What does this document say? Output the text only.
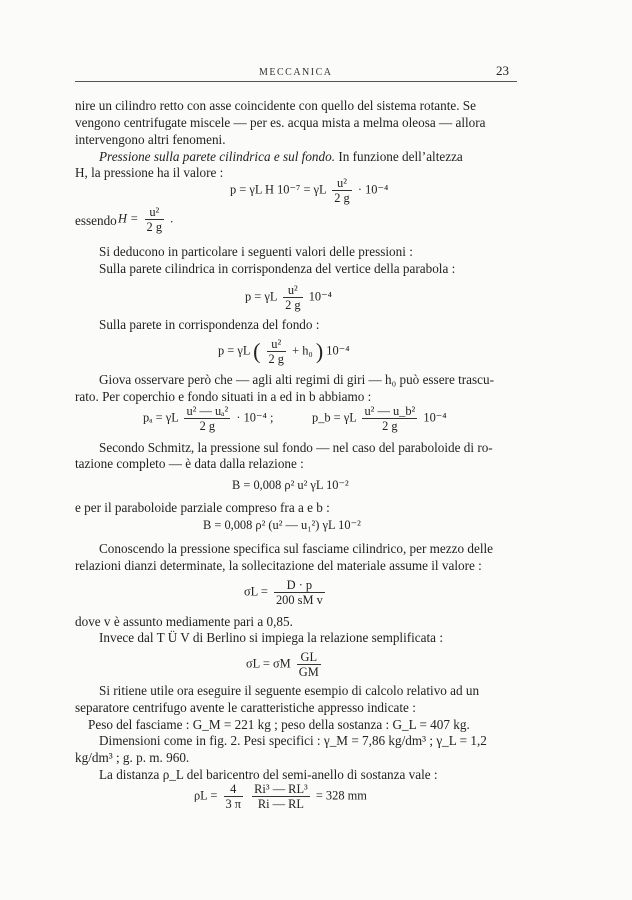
MECCANICA	23
nire un cilindro retto con asse coincidente con quello del sistema rotante. Se
vengono centrifugate miscele — per es. acqua mista a melma oleosa — allora
intervengono altri fenomeni.
Pressione sulla parete cilindrica e sul fondo. In funzione dell’altezza
H, la pressione ha il valore :
p = γL H 10⁻⁷ = γL $\frac{\text{u²}}{2 g} \cdot 10^{-4}$
essendo $H = \frac{\text{u²}}{2 g}$ .
Si deducono in particolare i seguenti valori delle pressioni :
Sulla parete cilindrica in corrispondenza del vertice della parabola :
p = γL $\frac{\text{u²}}{2 g} 10^{-4}$
Sulla parete in corrispondenza del fondo :
p = γL ( $\frac{\text{u²}}{2 g} + h_0$ ) 10⁻⁴
Giova osservare però che — agli alti regimi di giri — h₀ può essere trascu-
rato. Per coperchio e fondo situati in a ed in b abbiamo :
pₐ = γL $\frac{\text{u² — uₐ²}}{2 g} \cdot 10^{-4}$ ;	p_b = γL $\frac{\text{u² — u\_b²}}{2 g} 10^{-4}$
Secondo Schmitz, la pressione sul fondo — nel caso del paraboloide di ro-
tazione completo — è data dalla relazione :
B = 0,008 ρ² u² γL 10⁻²
e per il paraboloide parziale compreso fra a e b :
B = 0,008 ρ² (u² — u₁²) γL 10⁻²
Conoscendo la pressione specifica sul fasciame cilindrico, per mezzo delle
relazioni dianzi determinate, la sollecitazione del materiale assume il valore :
$\sigma L = \frac{D \cdot p}{\text{200 sM v}}$
dove v è assunto mediamente pari a 0,85.
Invece dal T Ü V di Berlino si impiega la relazione semplificata :
σL = σM $\frac{GL}{GM}$
Si ritiene utile ora eseguire il seguente esempio di calcolo relativo ad un
separatore centrifugo avente le caratteristiche appresso indicate :
Peso del fasciame : G_M = 221 kg ; peso della sostanza : G_L = 407 kg.
Dimensioni come in fig. 2. Pesi specifici : γ_M = 7,86 kg/dm³ ; γ_L = 1,2
kg/dm³ ; g. p. m. 960.
La distanza ρ_L del baricentro del semi-anello di sostanza vale :
$\rho L = \frac{4}{3 \pi}$
$\frac{\text{Ri³ — RL³}}{Ri — RL} = 328$ mm
